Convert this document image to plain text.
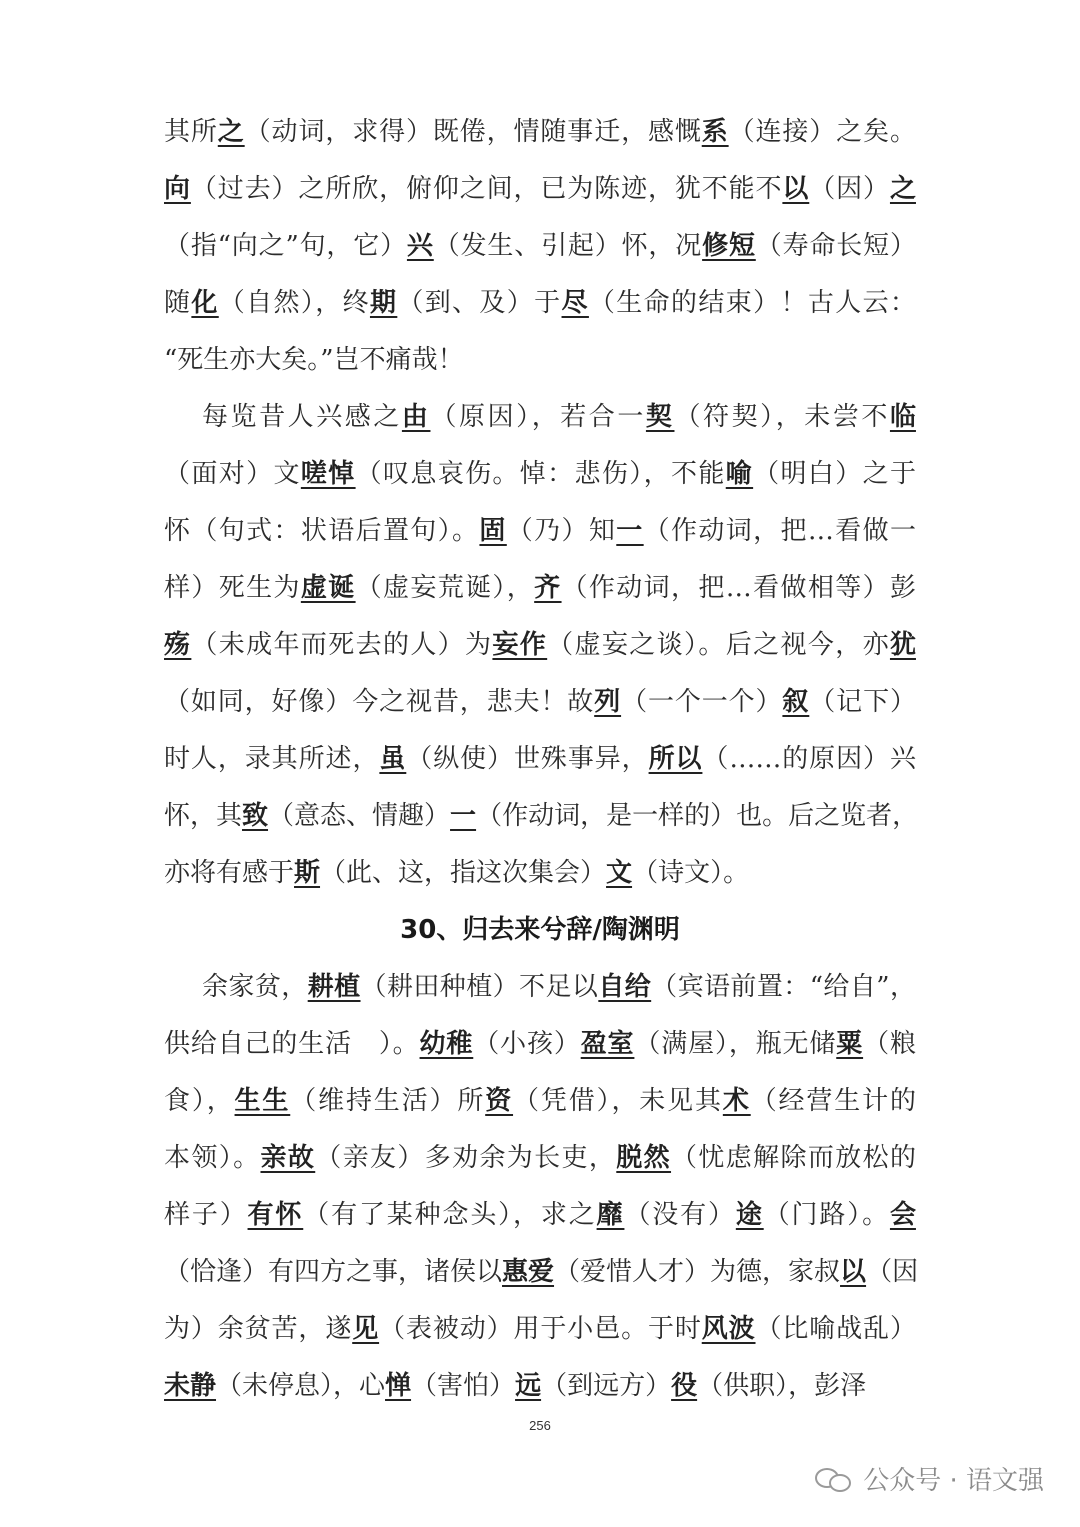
其所之（动词，求得）既倦，情随事迁，感慨系（连接）之矣。
向（过去）之所欣，俯仰之间，已为陈迹，犹不能不以（因）之
（指“向之”句，它）兴（发生、引起）怀，况修短（寿命长短）
随化（自然），终期（到、及）于尽（生命的结束）！古人云：
“死生亦大矣。”岂不痛哉！
每览昔人兴感之由（原因），若合一契（符契），未尝不临
（面对）文嗟悼（叹息哀伤。悼：悲伤），不能喻（明白）之于
怀（句式：状语后置句）。固（乃）知一（作动词，把…看做一
样）死生为虚诞（虚妄荒诞），齐（作动词，把…看做相等）彭
殇（未成年而死去的人）为妄作（虚妄之谈）。后之视今，亦犹
（如同，好像）今之视昔，悲夫！故列（一个一个）叙（记下）
时人，录其所述，虽（纵使）世殊事异，所以（……的原因）兴
怀，其致（意态、情趣）一（作动词，是一样的）也。后之览者，
亦将有感于斯（此、这，指这次集会）文（诗文）。
30、归去来兮辞/陶渊明
余家贫，耕植（耕田种植）不足以自给（宾语前置：“给自”，
供给自己的生活　）。幼稚（小孩）盈室（满屋），瓶无储粟（粮
食），生生（维持生活）所资（凭借），未见其术（经营生计的
本领）。亲故（亲友）多劝余为长吏，脱然（忧虑解除而放松的
样子）有怀（有了某种念头），求之靡（没有）途（门路）。会
（恰逢）有四方之事，诸侯以惠爱（爱惜人才）为德，家叔以（因
为）余贫苦，遂见（表被动）用于小邑。于时风波（比喻战乱）
未静（未停息），心惮（害怕）远（到远方）役（供职），彭泽
256
公众号 · 语文强
